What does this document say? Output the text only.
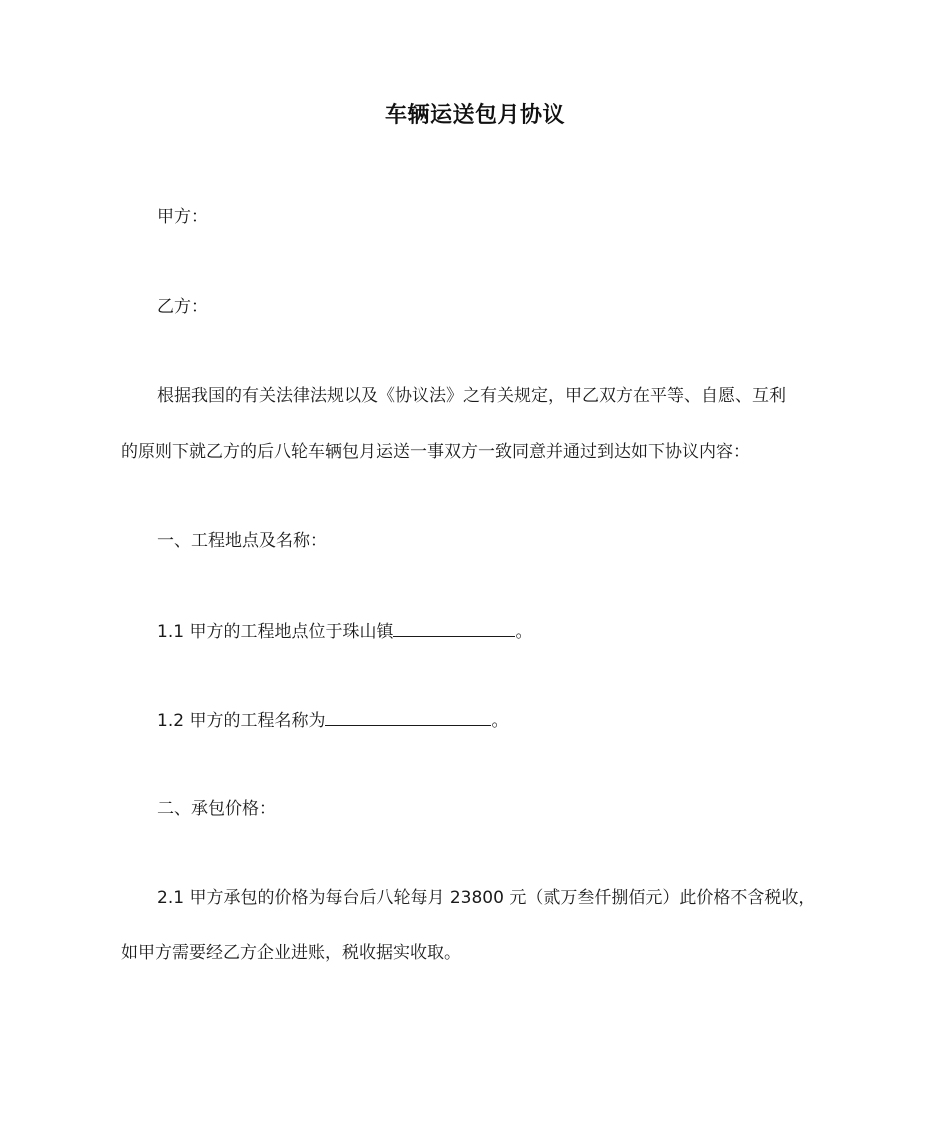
车辆运送包月协议
甲方：
乙方：
根据我国的有关法律法规以及《协议法》之有关规定，甲乙双方在平等、自愿、互利
的原则下就乙方的后八轮车辆包月运送一事双方一致同意并通过到达如下协议内容：
一、工程地点及名称：
1.1 甲方的工程地点位于珠山镇	。
1.2 甲方的工程名称为	。
二、承包价格：
2.1 甲方承包的价格为每台后八轮每月 23800 元（贰万叁仟捌佰元）此价格不含税收，
如甲方需要经乙方企业进账，税收据实收取。
